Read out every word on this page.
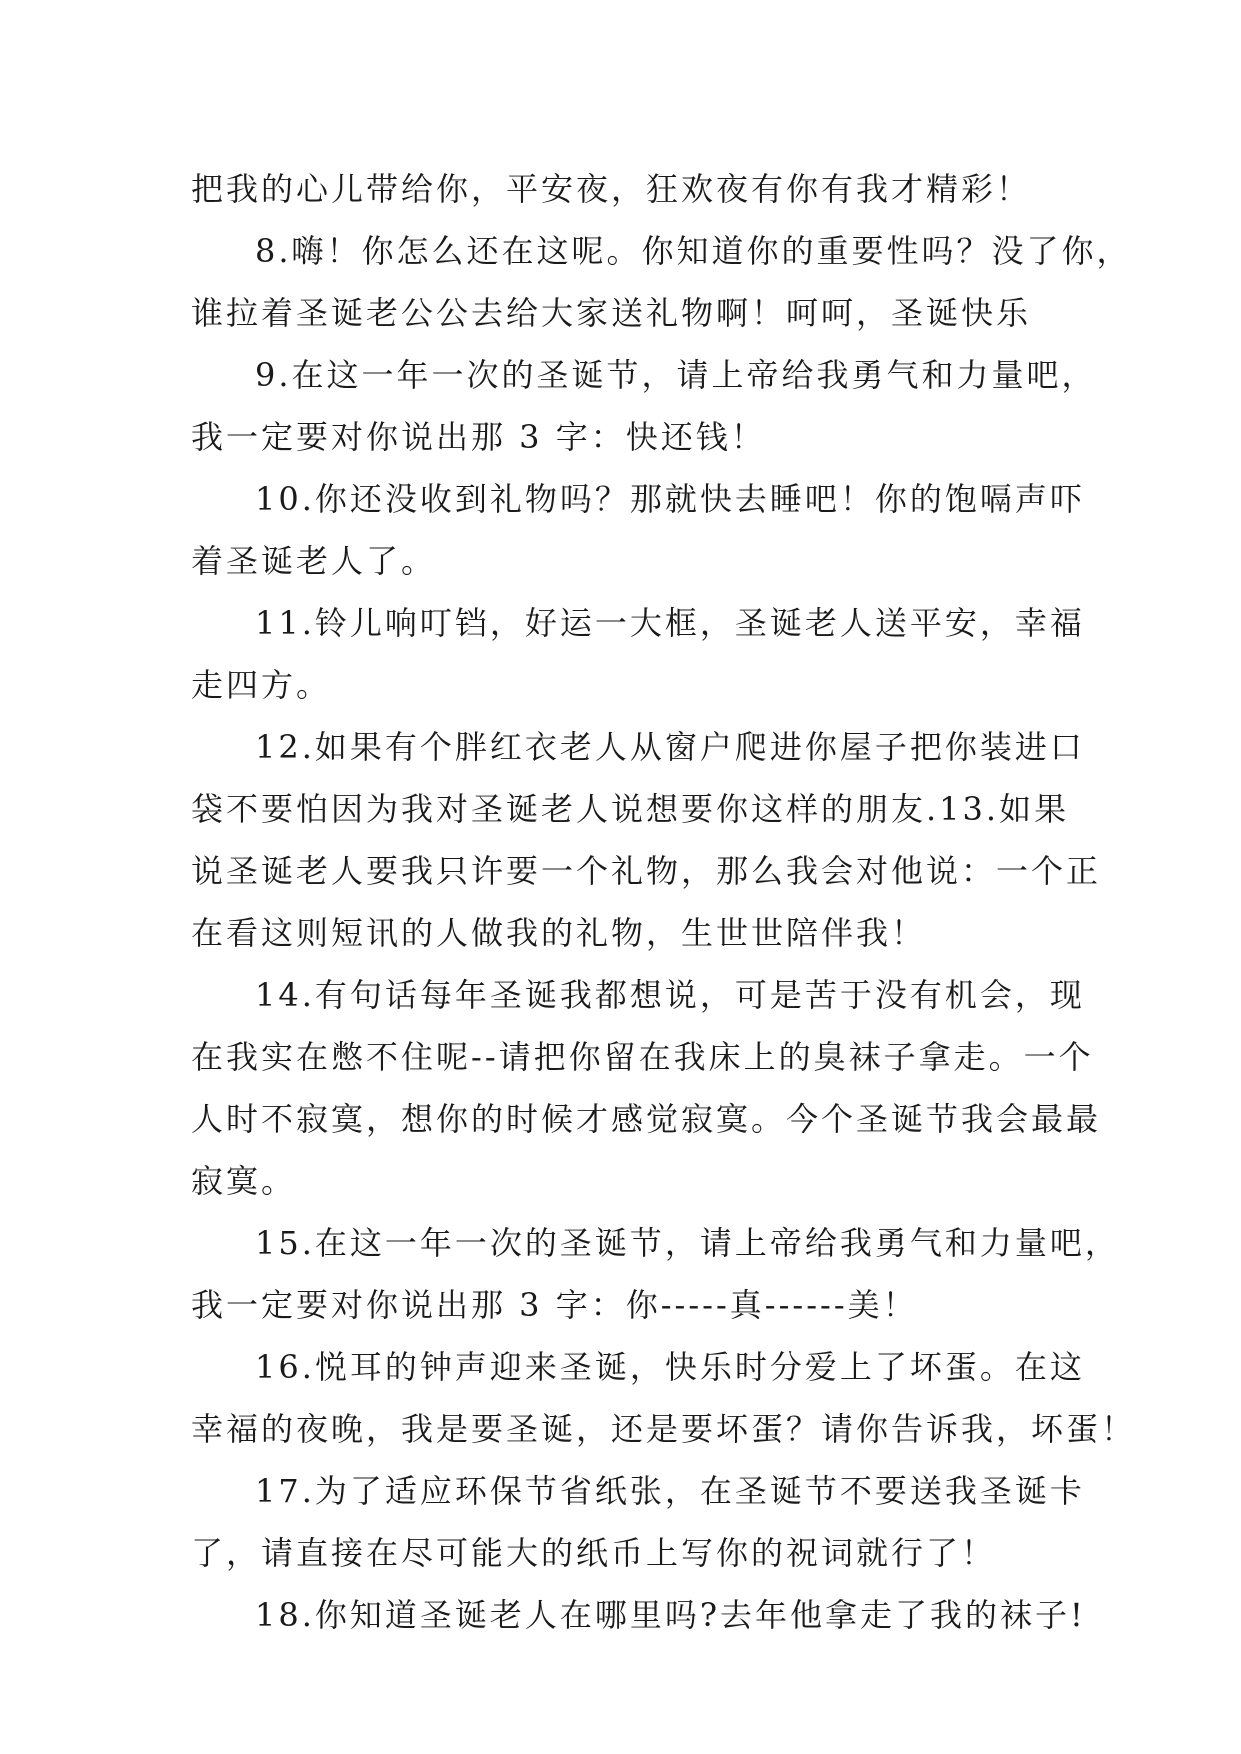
把我的心儿带给你，平安夜，狂欢夜有你有我才精彩！
8.嗨！你怎么还在这呢。你知道你的重要性吗？没了你，
谁拉着圣诞老公公去给大家送礼物啊！呵呵，圣诞快乐
9.在这一年一次的圣诞节，请上帝给我勇气和力量吧，
我一定要对你说出那 3 字：快还钱！
10.你还没收到礼物吗？那就快去睡吧！你的饱嗝声吓
着圣诞老人了。
11.铃儿响叮铛，好运一大框，圣诞老人送平安，幸福
走四方。
12.如果有个胖红衣老人从窗户爬进你屋子把你装进口
袋不要怕因为我对圣诞老人说想要你这样的朋友.13.如果
说圣诞老人要我只许要一个礼物，那么我会对他说：一个正
在看这则短讯的人做我的礼物，生世世陪伴我！
14.有句话每年圣诞我都想说，可是苦于没有机会，现
在我实在憋不住呢--请把你留在我床上的臭袜子拿走。一个
人时不寂寞，想你的时候才感觉寂寞。今个圣诞节我会最最
寂寞。
15.在这一年一次的圣诞节，请上帝给我勇气和力量吧，
我一定要对你说出那 3 字：你-----真------美！
16.悦耳的钟声迎来圣诞，快乐时分爱上了坏蛋。在这
幸福的夜晚，我是要圣诞，还是要坏蛋？请你告诉我，坏蛋！
17.为了适应环保节省纸张，在圣诞节不要送我圣诞卡
了，请直接在尽可能大的纸币上写你的祝词就行了！
18.你知道圣诞老人在哪里吗?去年他拿走了我的袜子!
